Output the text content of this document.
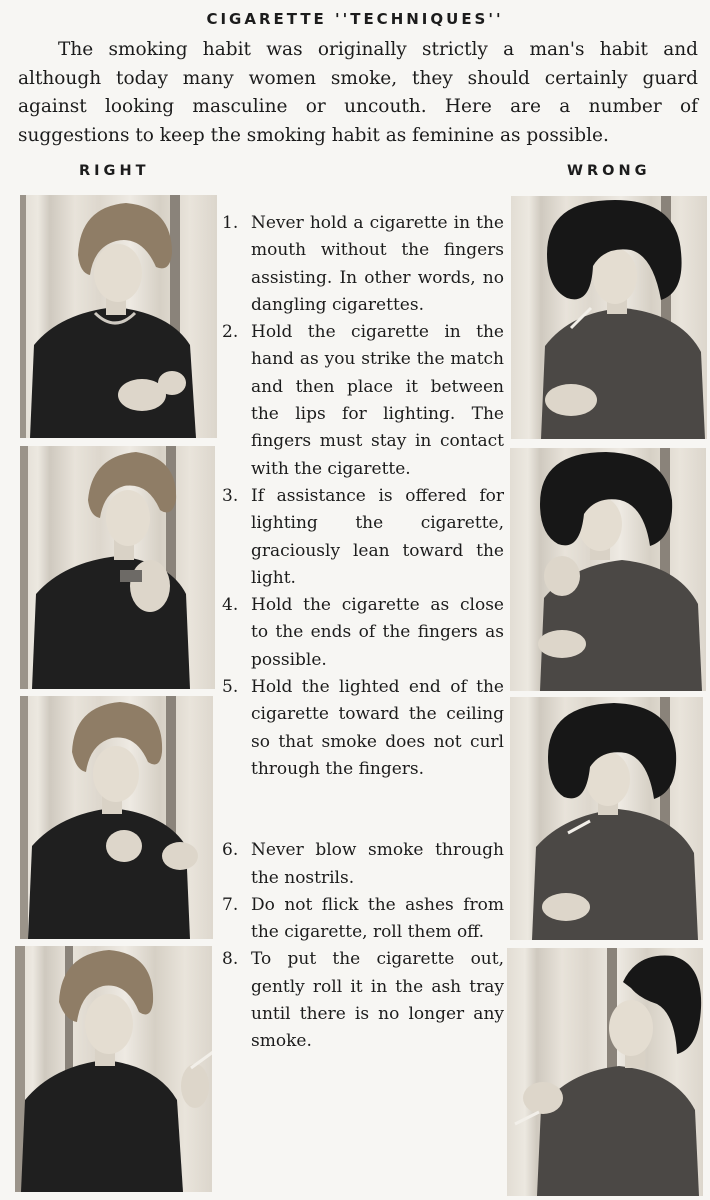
CIGARETTE ''TECHNIQUES''

The smoking habit was originally strictly a man's habit and although today many women smoke, they should certainly guard against looking masculine or uncouth. Here are a number of suggestions to keep the smoking habit as feminine as possible.

RIGHT	WRONG
1. Never hold a cigarette in the mouth without the fingers assisting. In other words, no dangling cigarettes.
2. Hold the cigarette in the hand as you strike the match and then place it between the lips for lighting. The fingers must stay in contact with the cigarette.
3. If assistance is offered for lighting the cigarette, graciously lean toward the light.
4. Hold the cigarette as close to the ends of the fingers as possible.
5. Hold the lighted end of the cigarette toward the ceiling so that smoke does not curl through the fingers.
6. Never blow smoke through the nostrils.
7. Do not flick the ashes from the cigarette, roll them off.
8. To put the cigarette out, gently roll it in the ash tray until there is no longer any smoke.
